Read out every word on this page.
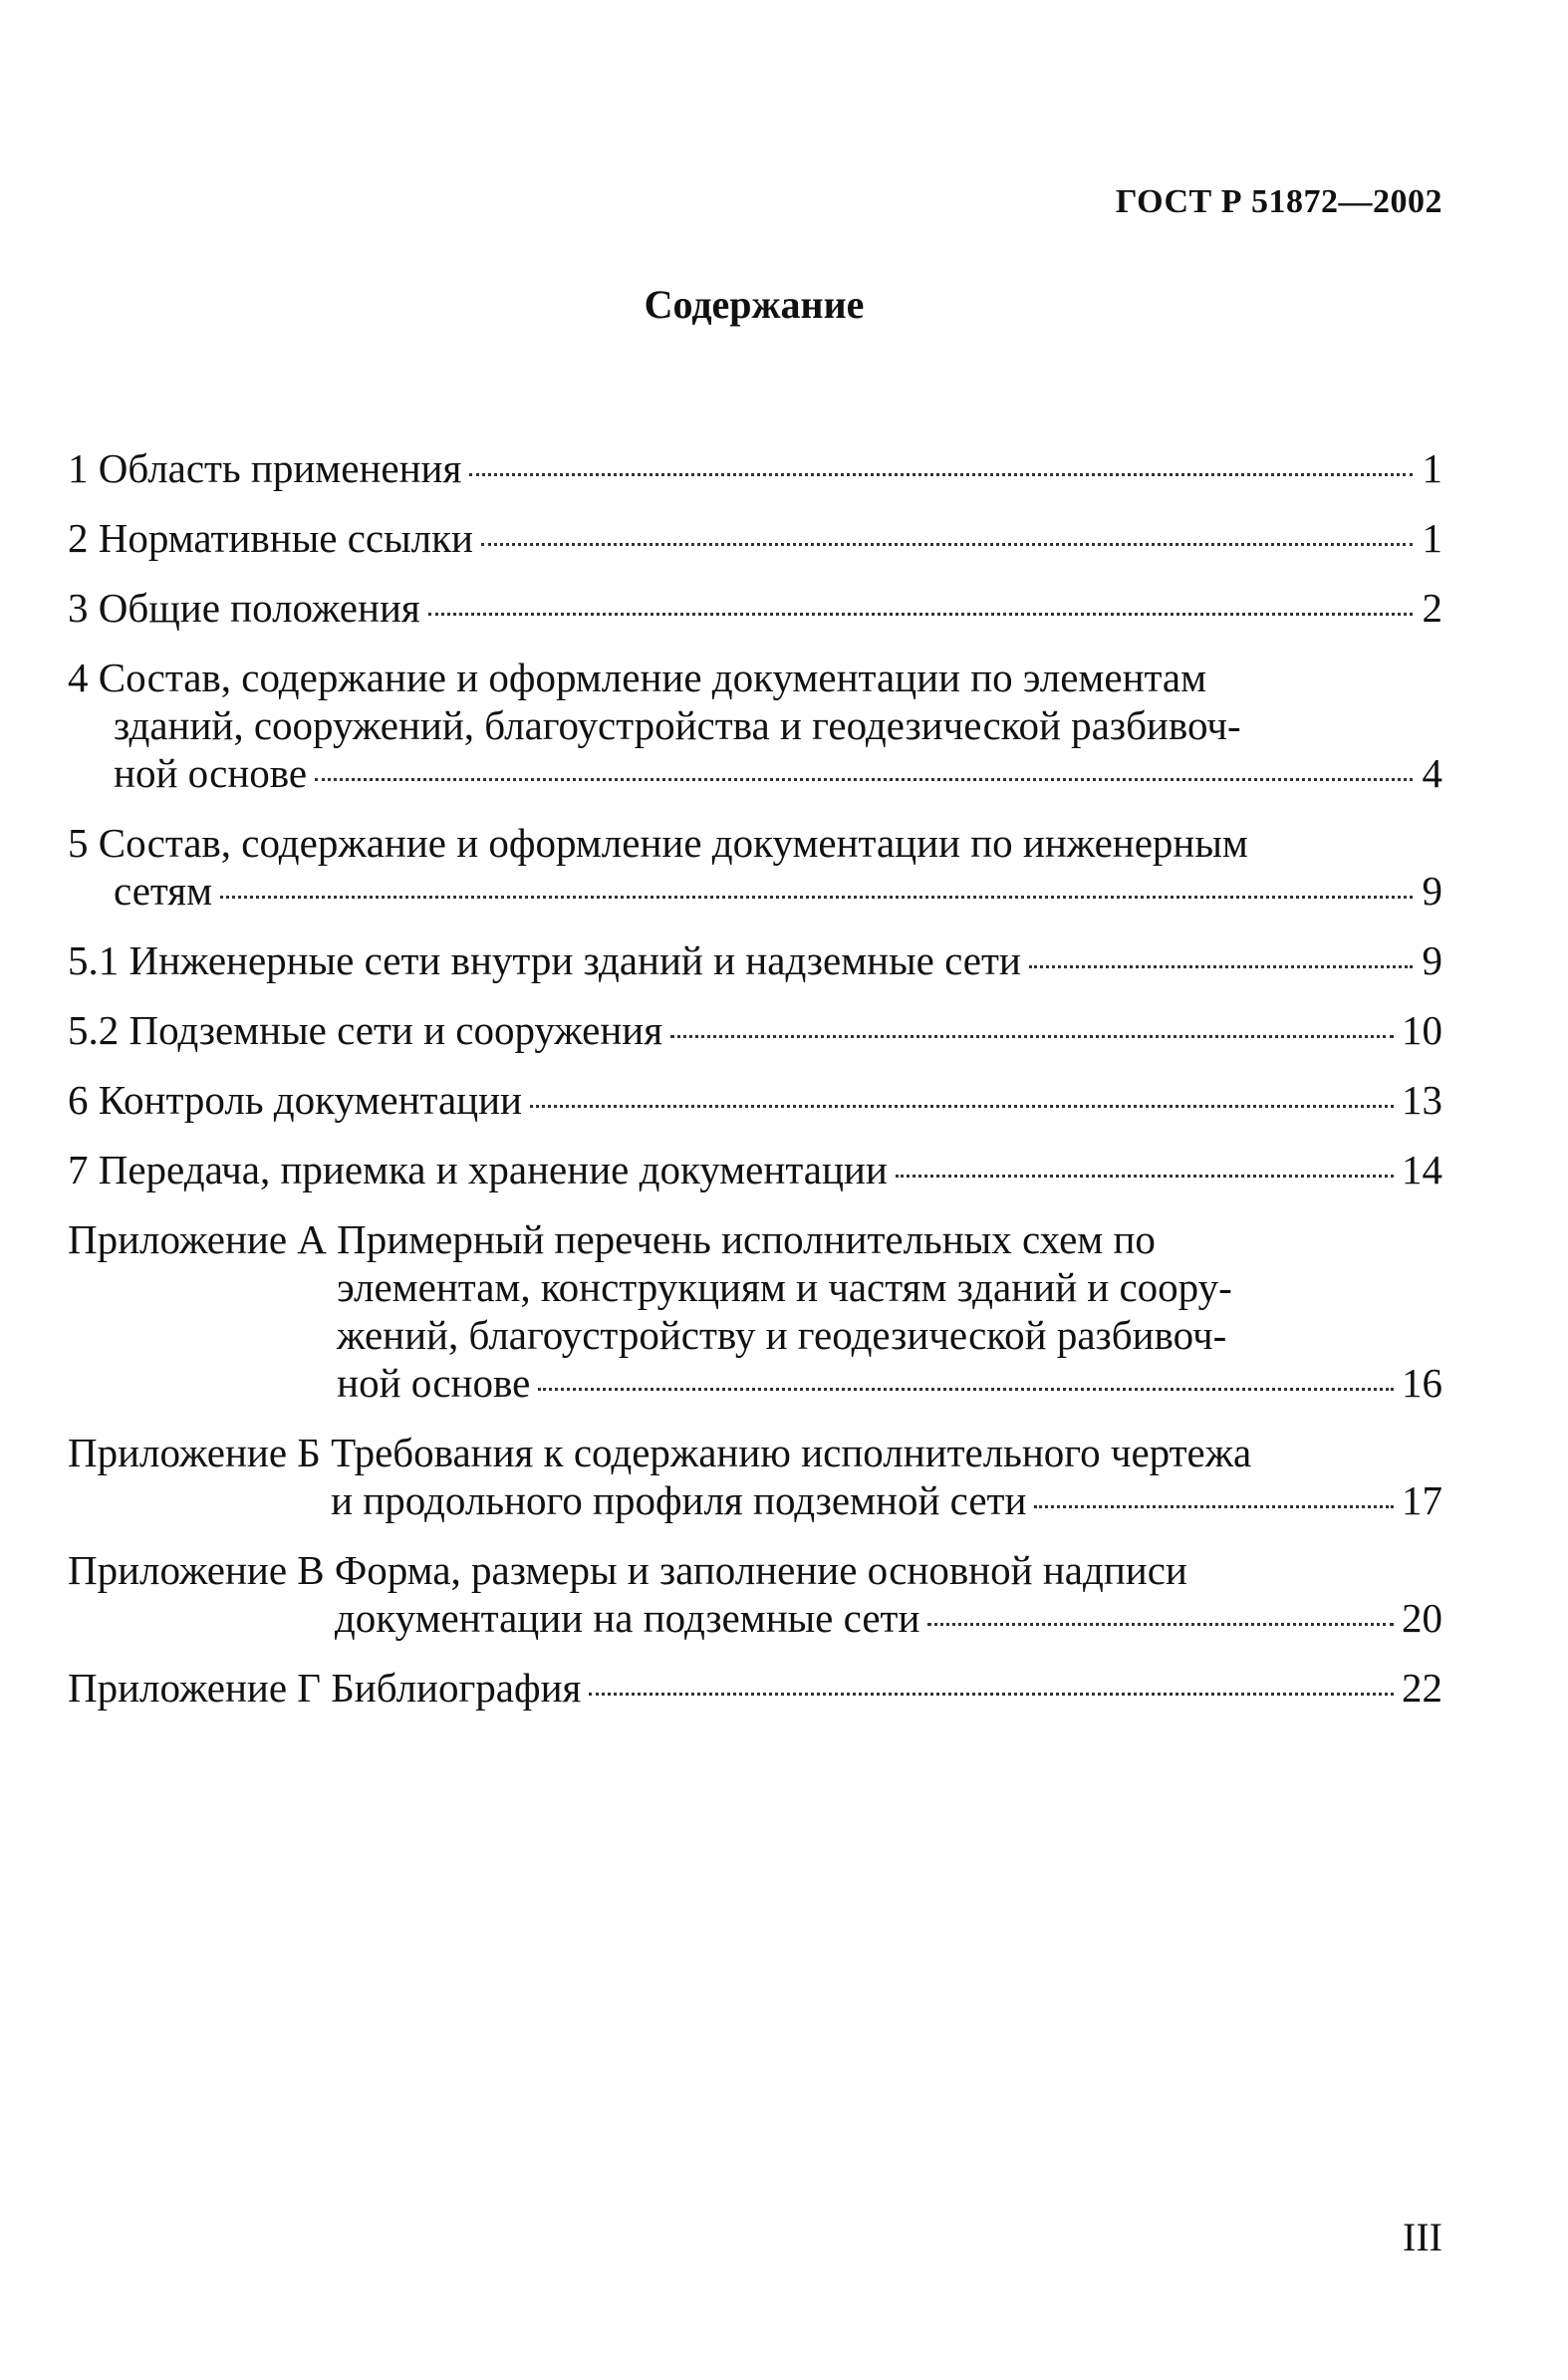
ГОСТ Р 51872—2002
Содержание
1 Область применения	1
2 Нормативные ссылки	1
3 Общие положения	2
4 Состав, содержание и оформление документации по элементам
зданий, сооружений, благоустройства и геодезической разбивоч-
ной основе	4
5 Состав, содержание и оформление документации по инженерным
сетям	9
5.1 Инженерные сети внутри зданий и надземные сети	9
5.2 Подземные сети и сооружения	10
6 Контроль документации	13
7 Передача, приемка и хранение документации	14
Приложение А Примерный перечень исполнительных схем по
элементам, конструкциям и частям зданий и соору-
жений, благоустройству и геодезической разбивоч-
ной основе	16
Приложение Б Требования к содержанию исполнительного чертежа
и продольного профиля подземной сети	17
Приложение В Форма, размеры и заполнение основной надписи
документации на подземные сети	20
Приложение Г Библиография	22
III
